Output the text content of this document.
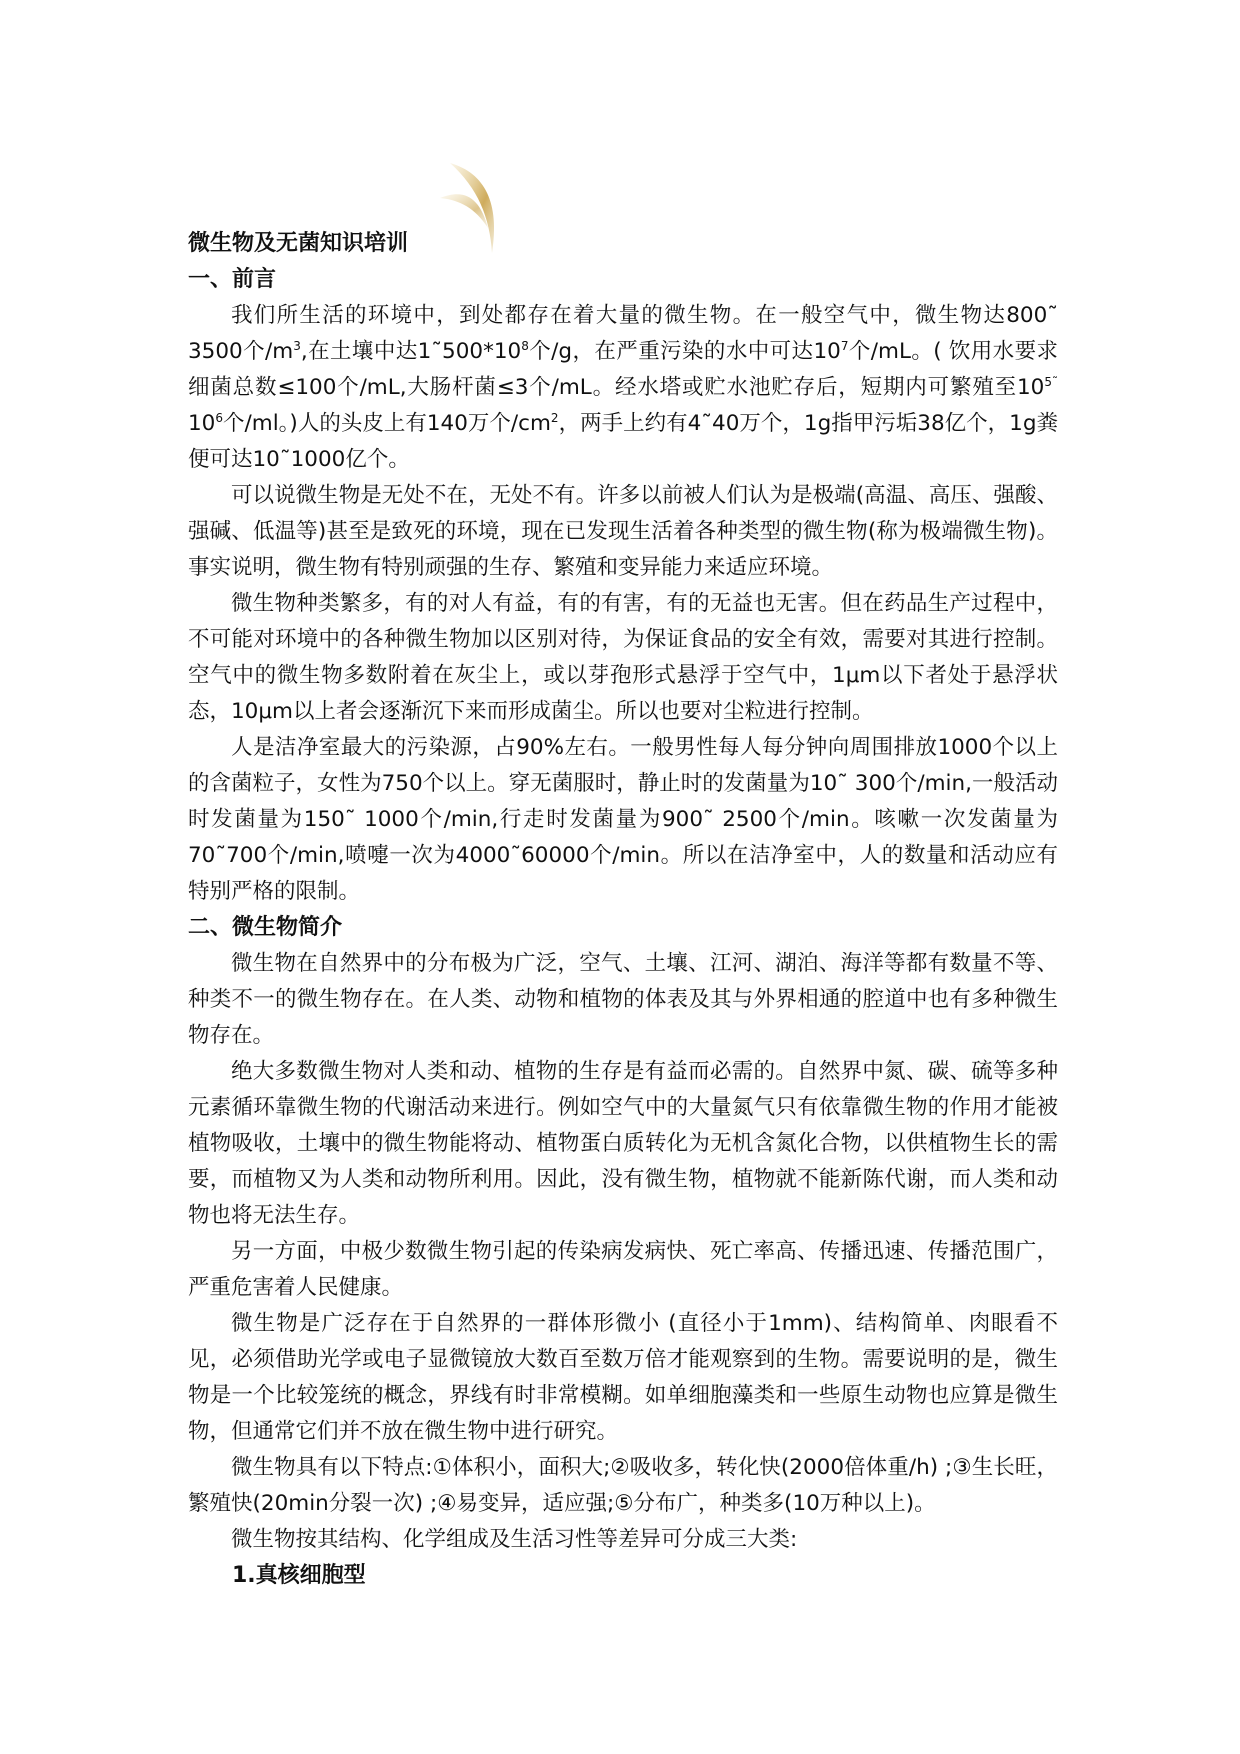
微生物及无菌知识培训

一、前言

我们所生活的环境中，到处都存在着大量的微生物。在一般空气中，微生物达800˜ 3500个$/m^3$,在土壤中达$1˜500*10^8$个/g，在严重污染的水中可达$10^7$个/mL。( 饮用水要求细菌总数≤100个/mL,大肠杆菌≤3个/mL。经水塔或贮水池贮存后，短期内可繁殖至$10^{5˜}$ $10^6$个/ml。)人的头皮上有140万个$/cm^2$，两手上约有4˜40万个，1g指甲污垢38亿个，1g粪便可达10˜1000亿个。

可以说微生物是无处不在，无处不有。许多以前被人们认为是极端(高温、高压、强酸、强碱、低温等)甚至是致死的环境，现在已发现生活着各种类型的微生物(称为极端微生物)。事实说明，微生物有特别顽强的生存、繁殖和变异能力来适应环境。

微生物种类繁多，有的对人有益，有的有害，有的无益也无害。但在药品生产过程中，不可能对环境中的各种微生物加以区别对待，为保证食品的安全有效，需要对其进行控制。空气中的微生物多数附着在灰尘上，或以芽孢形式悬浮于空气中，1μm以下者处于悬浮状态，10μm以上者会逐渐沉下来而形成菌尘。所以也要对尘粒进行控制。

人是洁净室最大的污染源，占90%左右。一般男性每人每分钟向周围排放1000个以上的含菌粒子，女性为750个以上。穿无菌服时，静止时的发菌量为10˜ 300个/min,一般活动时发菌量为150˜ 1000个/min,行走时发菌量为900˜ 2500个/min。咳嗽一次发菌量为70˜700个/min,喷嚏一次为4000˜60000个/min。所以在洁净室中，人的数量和活动应有特别严格的限制。

二、微生物简介

微生物在自然界中的分布极为广泛，空气、土壤、江河、湖泊、海洋等都有数量不等、种类不一的微生物存在。在人类、动物和植物的体表及其与外界相通的腔道中也有多种微生物存在。

绝大多数微生物对人类和动、植物的生存是有益而必需的。自然界中氮、碳、硫等多种元素循环靠微生物的代谢活动来进行。例如空气中的大量氮气只有依靠微生物的作用才能被植物吸收，土壤中的微生物能将动、植物蛋白质转化为无机含氮化合物，以供植物生长的需要，而植物又为人类和动物所利用。因此，没有微生物，植物就不能新陈代谢，而人类和动物也将无法生存。

另一方面，中极少数微生物引起的传染病发病快、死亡率高、传播迅速、传播范围广，严重危害着人民健康。

微生物是广泛存在于自然界的一群体形微小 (直径小于1mm)、结构简单、肉眼看不见，必须借助光学或电子显微镜放大数百至数万倍才能观察到的生物。需要说明的是，微生物是一个比较笼统的概念，界线有时非常模糊。如单细胞藻类和一些原生动物也应算是微生物，但通常它们并不放在微生物中进行研究。

微生物具有以下特点:①体积小，面积大;②吸收多，转化快(2000倍体重/h) ;③生长旺，繁殖快(20min分裂一次) ;④易变异，适应强;⑤分布广，种类多(10万种以上)。

微生物按其结构、化学组成及生活习性等差异可分成三大类:

1.真核细胞型
